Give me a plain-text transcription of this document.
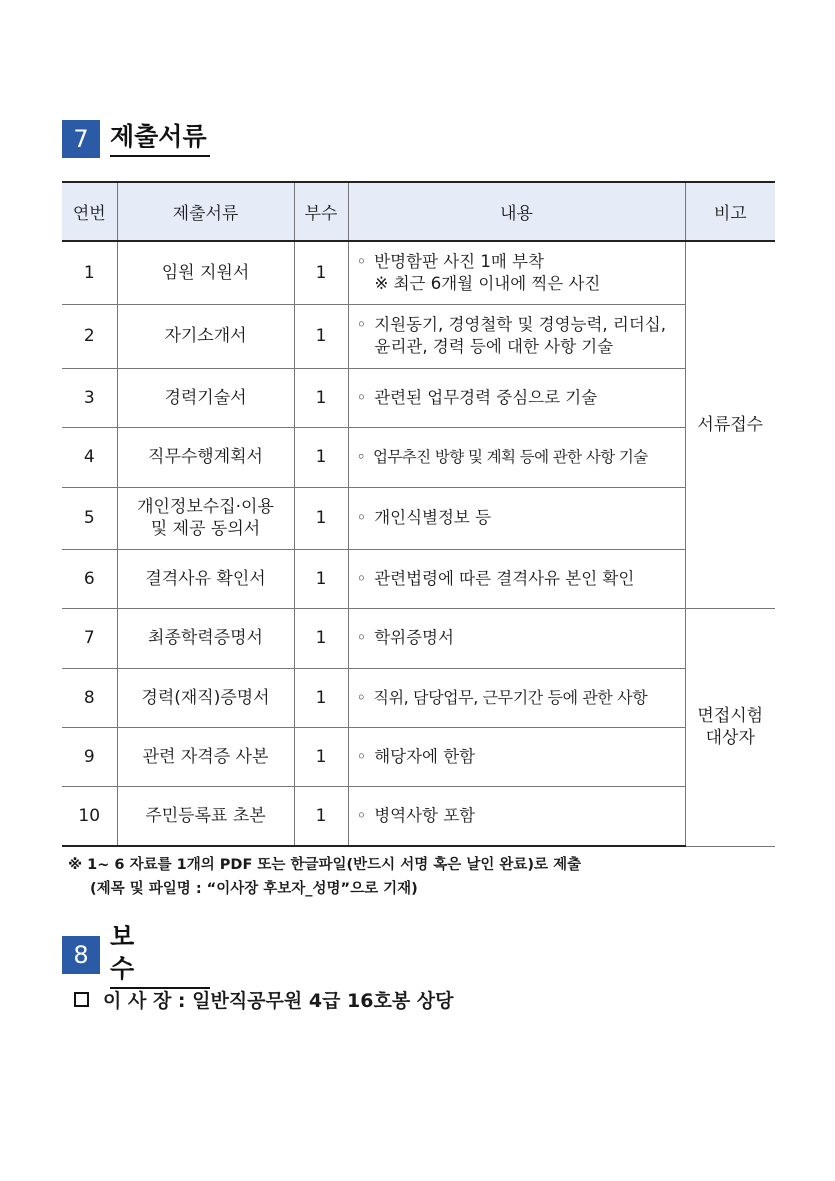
7 제출서류
연번	제출서류	부수	내용	비고
1	임원 지원서	1	◦ 반명함판 사진 1매 부착
※ 최근 6개월 이내에 찍은 사진	서류접수
2	자기소개서	1	◦ 지원동기, 경영철학 및 경영능력, 리더십,
윤리관, 경력 등에 대한 사항 기술	

3	경력기술서	1	◦ 관련된 업무경력 중심으로 기술	
4	직무수행계획서	1	◦ 업무추진 방향 및 계획 등에 관한 사항 기술	
5	개인정보수집·이용
및 제공 동의서	1	◦ 개인식별정보 등	
6	결격사유 확인서	1	◦ 관련법령에 따른 결격사유 본인 확인	
7	최종학력증명서	1	◦ 학위증명서	면접시험
대상자

8	경력(재직)증명서	1	◦ 직위, 담당업무, 근무기간 등에 관한 사항	
9	관련 자격증 사본	1	◦ 해당자에 한함	
10	주민등록표 초본	1	◦ 병역사항 포함	
※ 1~ 6 자료를 1개의 PDF 또는 한글파일(반드시 서명 혹은 날인 완료)로 제출
(제목 및 파일명 : “이사장 후보자_성명”으로 기재)
8
보수
이 사 장 : 일반직공무원 4급 16호봉 상당
